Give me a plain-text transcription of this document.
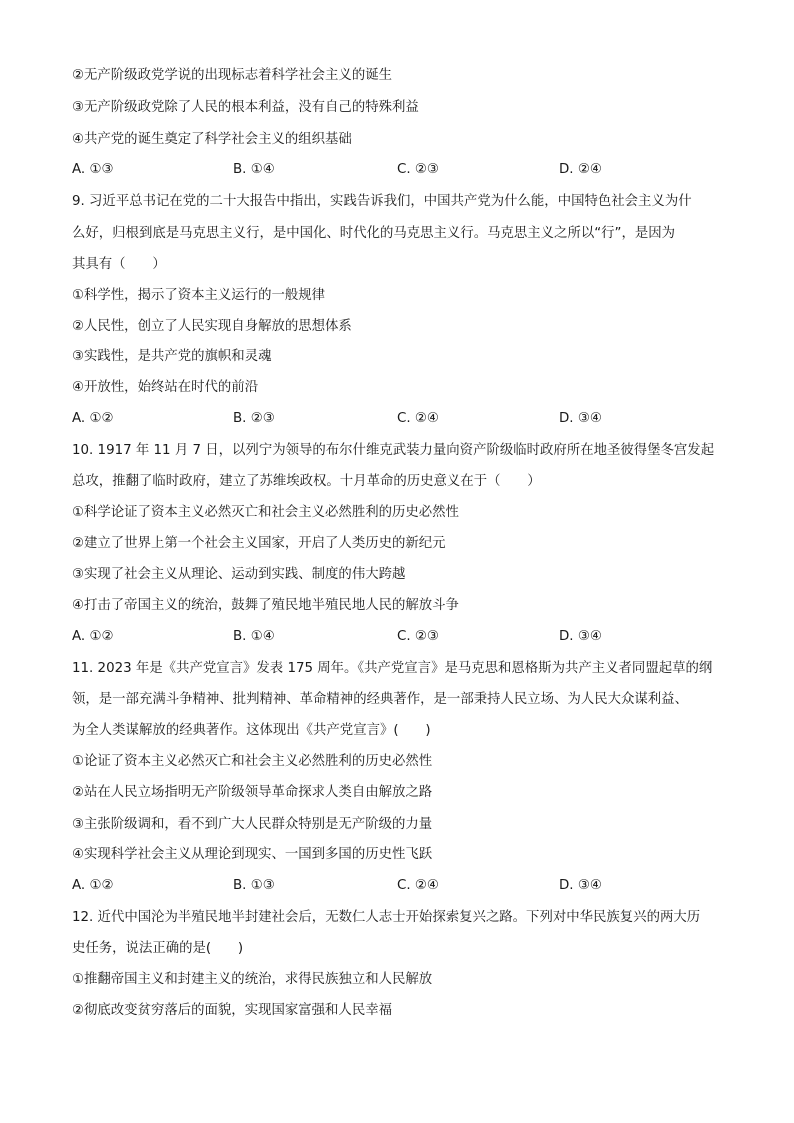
②无产阶级政党学说的出现标志着科学社会主义的诞生
③无产阶级政党除了人民的根本利益，没有自己的特殊利益
④共产党的诞生奠定了科学社会主义的组织基础
A. ①③	B. ①④	C. ②③	D. ②④
9. 习近平总书记在党的二十大报告中指出，实践告诉我们，中国共产党为什么能，中国特色社会主义为什
么好，归根到底是马克思主义行，是中国化、时代化的马克思主义行。马克思主义之所以“行”，是因为
其具有（　　）
①科学性，揭示了资本主义运行的一般规律
②人民性，创立了人民实现自身解放的思想体系
③实践性，是共产党的旗帜和灵魂
④开放性，始终站在时代的前沿
A. ①②	B. ②③	C. ②④	D. ③④
10. 1917 年 11 月 7 日，以列宁为领导的布尔什维克武装力量向资产阶级临时政府所在地圣彼得堡冬宫发起
总攻，推翻了临时政府，建立了苏维埃政权。十月革命的历史意义在于（　　）
①科学论证了资本主义必然灭亡和社会主义必然胜利的历史必然性
②建立了世界上第一个社会主义国家，开启了人类历史的新纪元
③实现了社会主义从理论、运动到实践、制度的伟大跨越
④打击了帝国主义的统治，鼓舞了殖民地半殖民地人民的解放斗争
A. ①②	B. ①④	C. ②③	D. ③④
11. 2023 年是《共产党宣言》发表 175 周年。《共产党宣言》是马克思和恩格斯为共产主义者同盟起草的纲
领，是一部充满斗争精神、批判精神、革命精神的经典著作，是一部秉持人民立场、为人民大众谋利益、
为全人类谋解放的经典著作。这体现出《共产党宣言》(　　)
①论证了资本主义必然灭亡和社会主义必然胜利的历史必然性
②站在人民立场指明无产阶级领导革命探求人类自由解放之路
③主张阶级调和，看不到广大人民群众特别是无产阶级的力量
④实现科学社会主义从理论到现实、一国到多国的历史性飞跃
A. ①②	B. ①③	C. ②④	D. ③④
12. 近代中国沦为半殖民地半封建社会后，无数仁人志士开始探索复兴之路。下列对中华民族复兴的两大历
史任务，说法正确的是(　　)
①推翻帝国主义和封建主义的统治，求得民族独立和人民解放
②彻底改变贫穷落后的面貌，实现国家富强和人民幸福
